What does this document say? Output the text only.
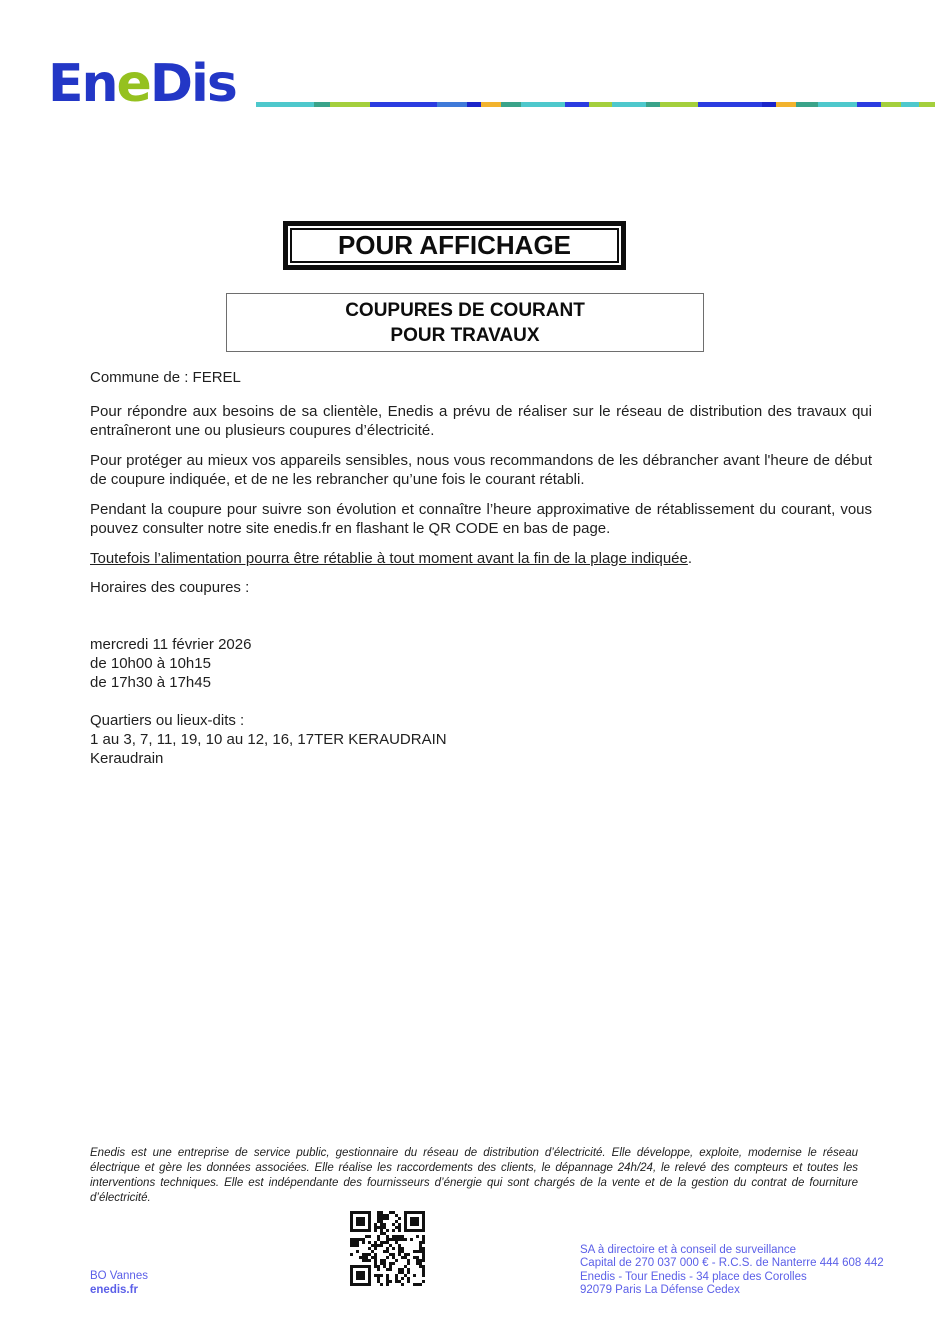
EneDis
POUR AFFICHAGE
COUPURES DE COURANT
POUR TRAVAUX
Commune de : FEREL

Pour répondre aux besoins de sa clientèle, Enedis a prévu de réaliser sur le réseau de distribution des travaux qui entraîneront une ou plusieurs coupures d’électricité.

Pour protéger au mieux vos appareils sensibles, nous vous recommandons de les débrancher avant l'heure de début de coupure indiquée, et de ne les rebrancher qu’une fois le courant rétabli.

Pendant la coupure pour suivre son évolution et connaître l’heure approximative de rétablissement du courant, vous pouvez consulter notre site enedis.fr en flashant le QR CODE en bas de page.

Toutefois l’alimentation pourra être rétablie à tout moment avant la fin de la plage indiquée.

Horaires des coupures :
mercredi 11 février 2026
de 10h00 à 10h15
de 17h30 à 17h45
Quartiers ou lieux-dits :
1 au 3, 7, 11, 19, 10 au 12, 16, 17TER KERAUDRAIN
Keraudrain
Enedis est une entreprise de service public, gestionnaire du réseau de distribution d’électricité. Elle développe, exploite, modernise le réseau électrique et gère les données associées. Elle réalise les raccordements des clients, le dépannage 24h/24, le relevé des compteurs et toutes les interventions techniques. Elle est indépendante des fournisseurs d’énergie qui sont chargés de la vente et de la gestion du contrat de fourniture d’électricité.
BO Vannes
enedis.fr
SA à directoire et à conseil de surveillance
Capital de 270 037 000 € - R.C.S. de Nanterre 444 608 442
Enedis - Tour Enedis - 34 place des Corolles
92079 Paris La Défense Cedex
